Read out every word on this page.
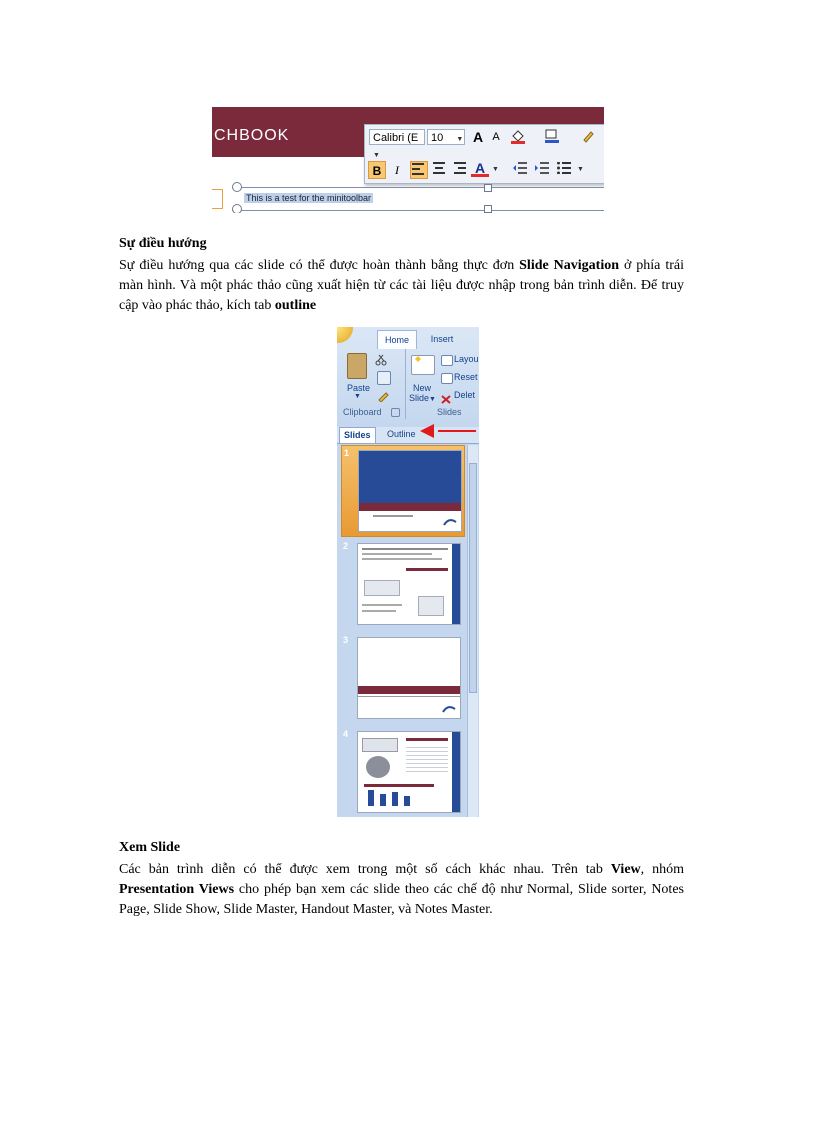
CHBOOK	Calibri (E ▼
10 ▼ A A
B	I	A ▼	▼
This is a test for the minitoolbar
Sự điều hướng
Sự điều hướng qua các slide có thể được hoàn thành bằng thực đơn Slide Navigation ở phía trái màn hình. Và một phác thảo cũng xuất hiện từ các tài liệu được nhập trong bản trình diễn. Để truy cập vào phác thảo, kích tab outline
Home	Insert
Paste
▼
Clipboard
New
Slide▼
Layou
Reset
Delet
Slides
Slides	Outline
1
2
3
4
Xem Slide
Các bản trình diễn có thể được xem trong một số cách khác nhau. Trên tab View, nhóm Presentation Views cho phép bạn xem các slide theo các chế độ như Normal, Slide sorter, Notes Page, Slide Show, Slide Master, Handout Master, và Notes Master.
